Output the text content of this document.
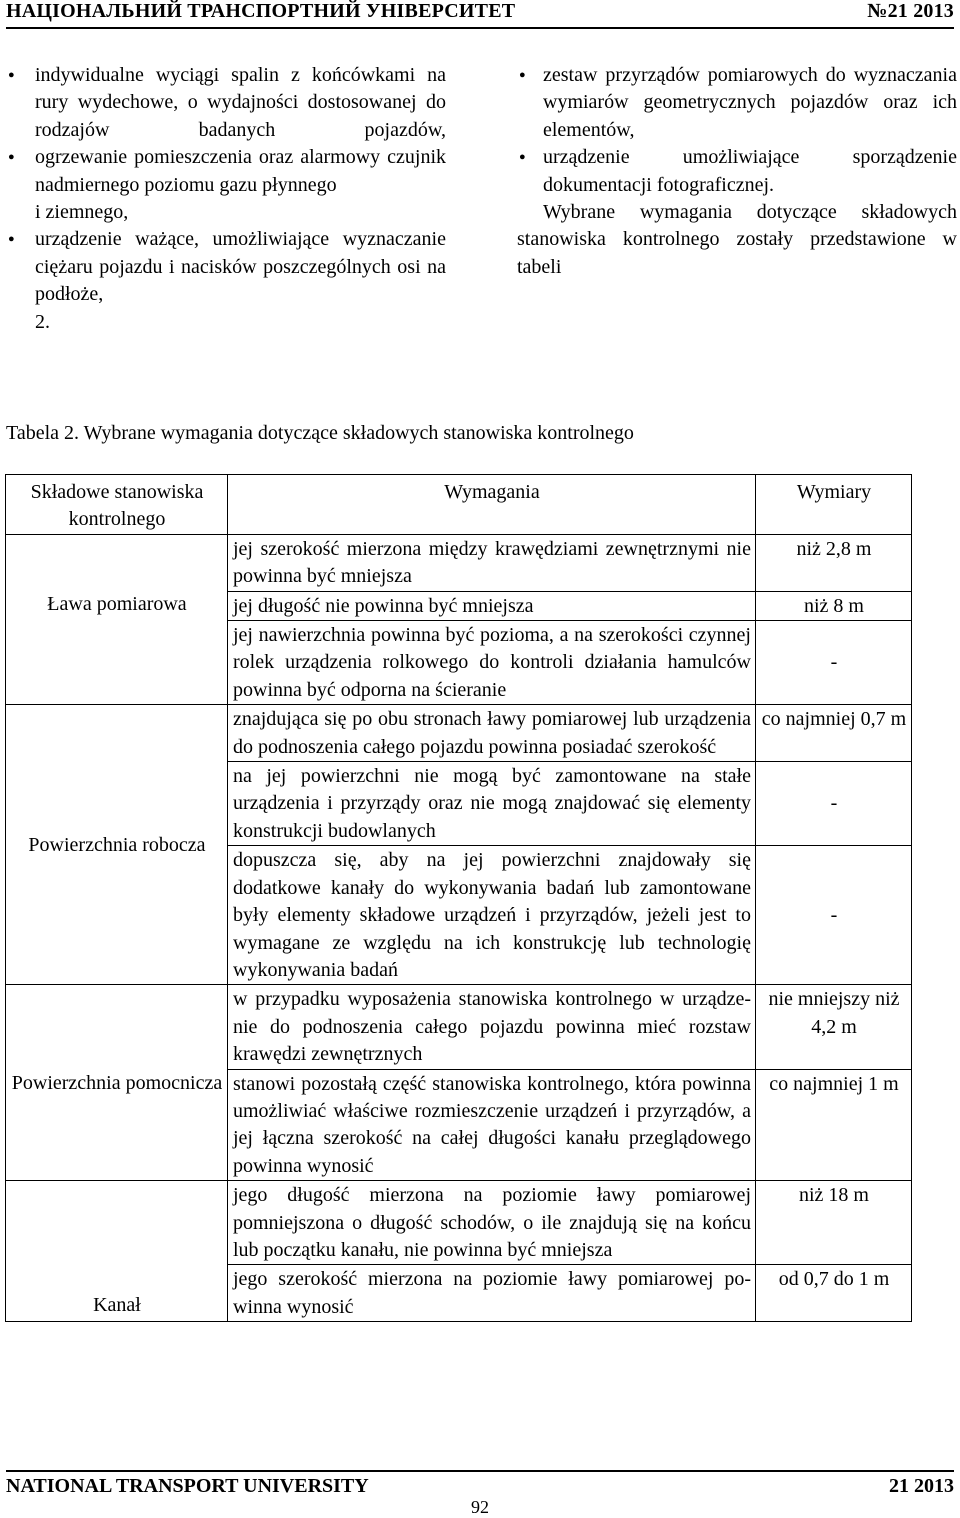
НАЦІОНАЛЬНИЙ ТРАНСПОРТНИЙ УНІВЕРСИТЕТ	№21 2013
● indywidualne wyciągi spalin z końcówkami na rury wydechowe, o wydajności dostosowanej do rodzajów badanych pojazdów,
● ogrzewanie pomieszczenia oraz alarmowy czujnik nadmiernego poziomu gazu płynnego
i ziemnego,
● urządzenie ważące, umożliwiające wyznaczanie ciężaru pojazdu i nacisków poszczególnych osi na podłoże,
2.
● zestaw przyrządów pomiarowych do wyznaczania wymiarów geometrycznych pojazdów oraz ich elementów,
● urządzenie umożliwiające sporządzenie dokumentacji fotograficznej.
Wybrane wymagania dotyczące składowych stanowiska kontrolnego zostały przedstawione w tabeli
Tabela 2. Wybrane wymagania dotyczące składowych stanowiska kontrolnego
Składowe stanowiska kontrolnego	Wymagania	Wymiary
Ława pomiarowa	jej szerokość mierzona między krawędziami zewnętrznymi nie powinna być mniejsza	niż 2,8 m
	jej długość nie powinna być mniejsza	niż 8 m
	jej nawierzchnia powinna być pozioma, a na szerokości czynnej rolek urządzenia rolkowego do kontroli działania hamulców powinna być odporna na ścieranie	-
Powierzchnia robocza	znajdująca się po obu stronach ławy pomiarowej lub urządzenia do podnoszenia całego pojazdu powinna posiadać szerokość	co najmniej 0,7 m
	na jej powierzchni nie mogą być zamontowane na stałe urządzenia i przyrządy oraz nie mogą znajdować się elementy konstrukcji budowlanych	-
	dopuszcza się, aby na jej powierzchni znajdowały się dodatkowe kanały do wykonywania badań lub zamontowane były elementy składowe urządzeń i przyrządów, jeżeli jest to wymagane ze względu na ich konstrukcję lub technologię wykonywania badań	-
Powierzchnia pomocnicza	w przypadku wyposażenia stanowiska kontrolnego w urządze-nie do podnoszenia całego pojazdu powinna mieć rozstaw krawędzi zewnętrznych	nie mniejszy niż 4,2 m
	stanowi pozostałą część stanowiska kontrolnego, która powinna umożliwiać właściwe rozmieszczenie urządzeń i przyrządów, a jej łączna szerokość na całej długości kanału przeglądowego powinna wynosić	co najmniej 1 m
Kanał	jego długość mierzona na poziomie ławy pomiarowej pomniejszona o długość schodów, o ile znajdują się na końcu lub początku kanału, nie powinna być mniejsza	niż 18 m
	jego szerokość mierzona na poziomie ławy pomiarowej po-winna wynosić	od 0,7 do 1 m
NATIONAL TRANSPORT UNIVERSITY	21 2013
92
